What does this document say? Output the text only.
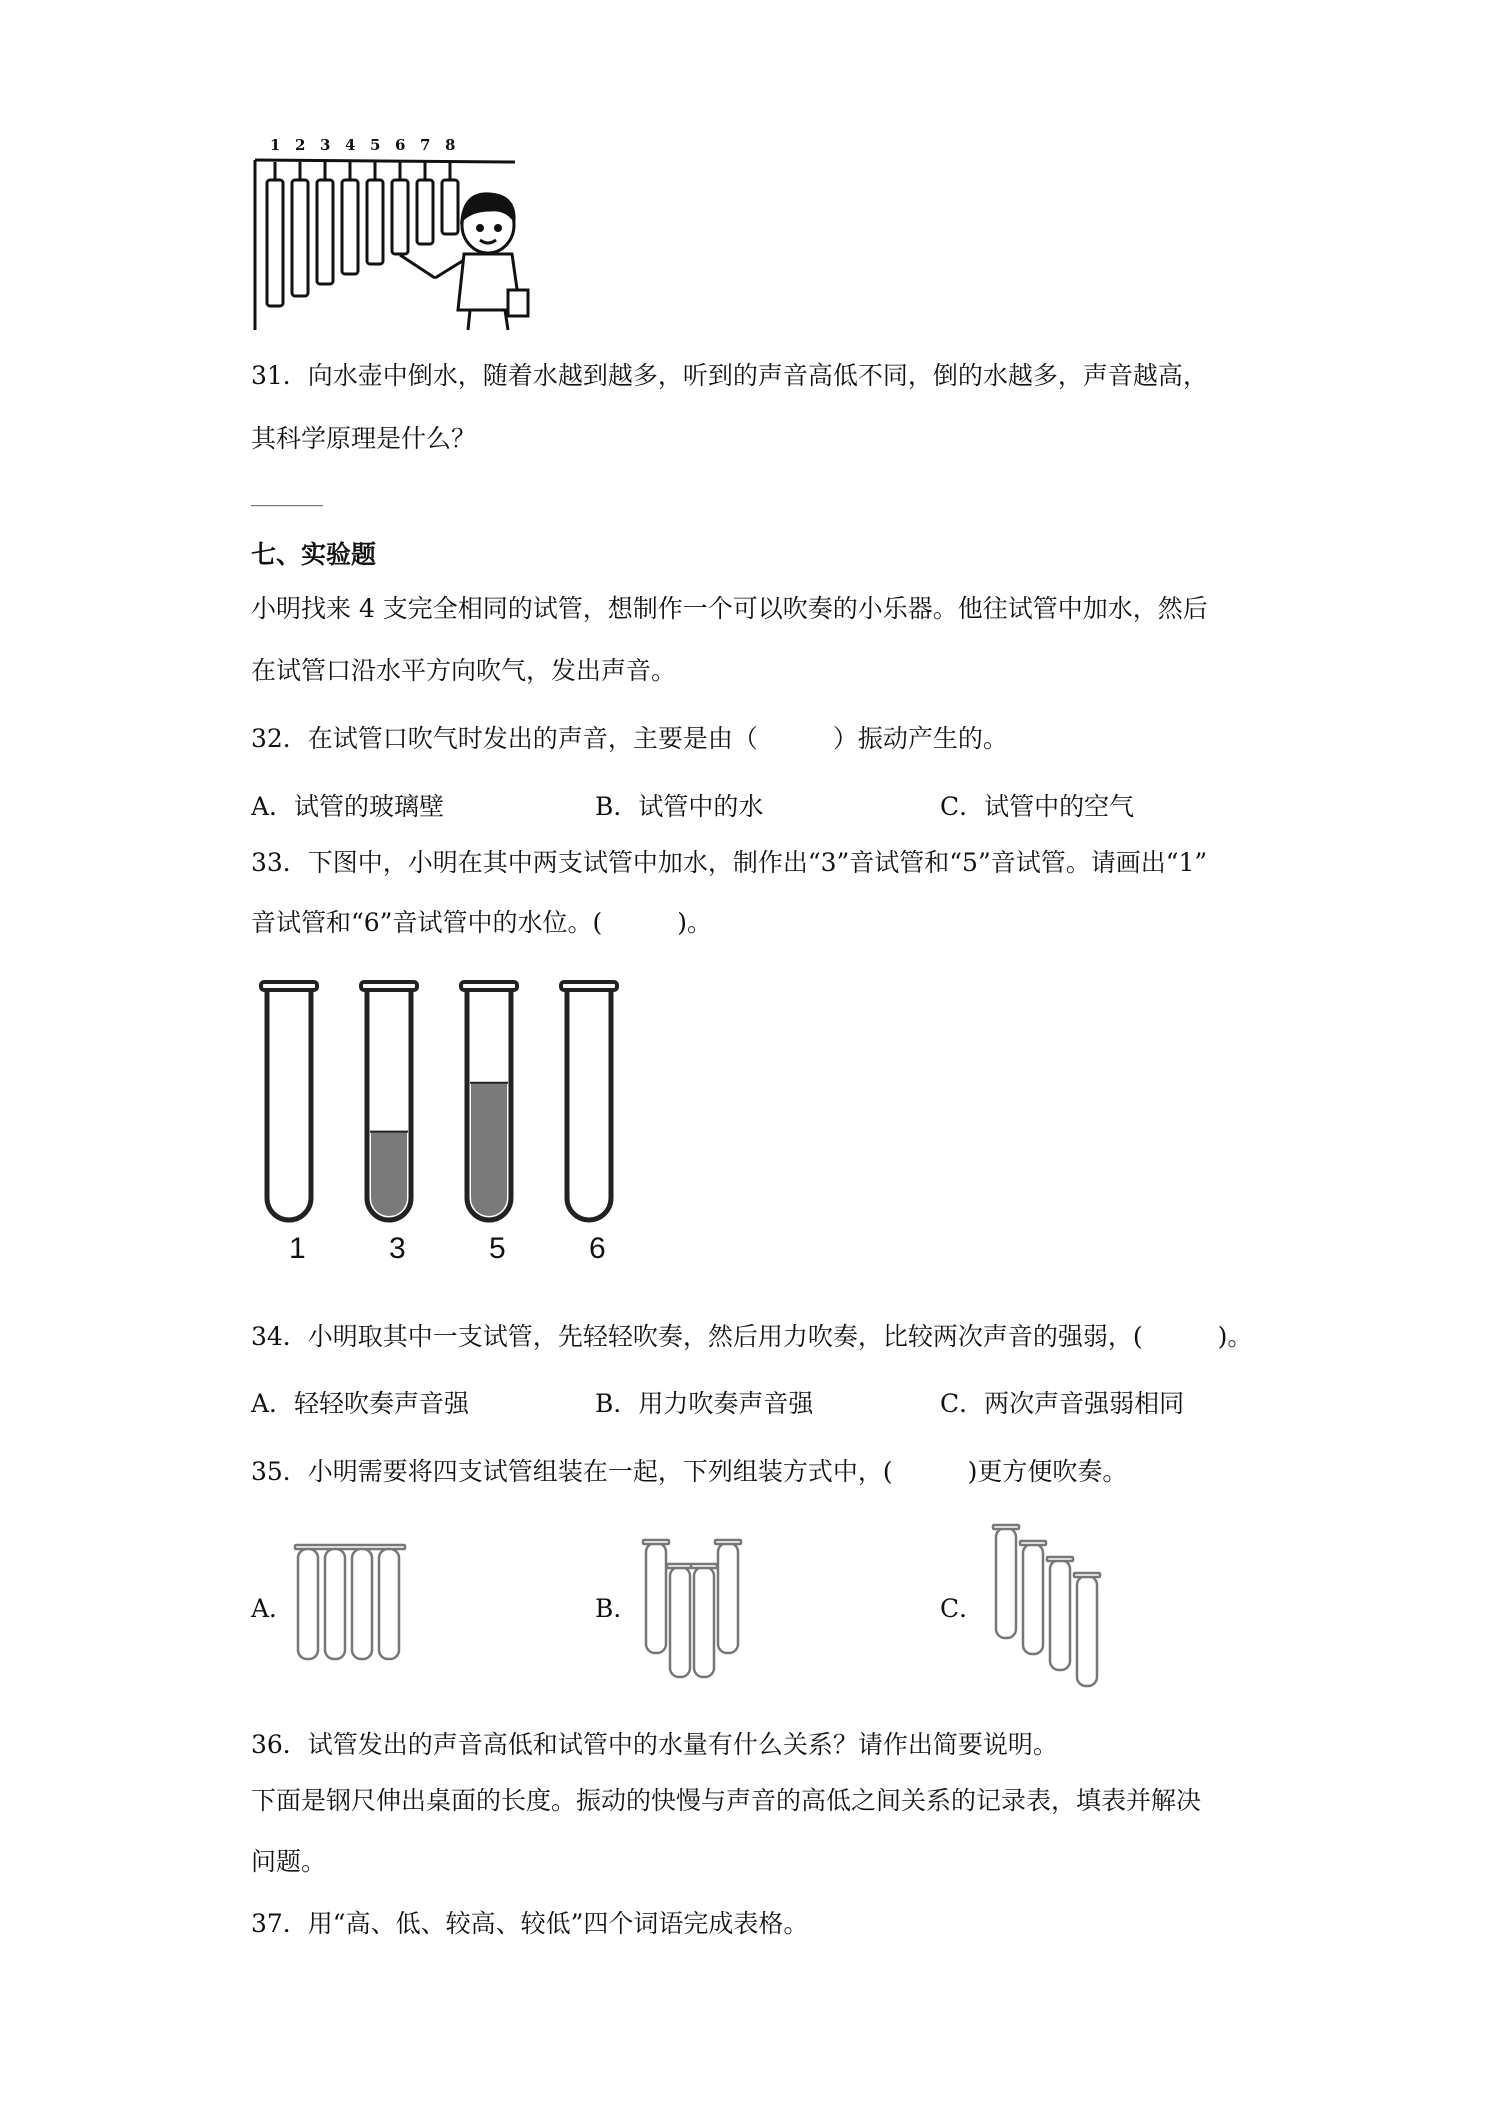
1 2 3 4 5 6 7 8
31．向水壶中倒水，随着水越到越多，听到的声音高低不同，倒的水越多，声音越高，
其科学原理是什么？
________
七、实验题
小明找来 4 支完全相同的试管，想制作一个可以吹奏的小乐器。他往试管中加水，然后
在试管口沿水平方向吹气，发出声音。
32．在试管口吹气时发出的声音，主要是由（　　　）振动产生的。
A．试管的玻璃壁	B．试管中的水	C．试管中的空气
33．下图中，小明在其中两支试管中加水，制作出“3”音试管和“5”音试管。请画出“1”
音试管和“6”音试管中的水位。(　　　)。
1	3	5	6
34．小明取其中一支试管，先轻轻吹奏，然后用力吹奏，比较两次声音的强弱，(　　　)。
A．轻轻吹奏声音强	B．用力吹奏声音强	C．两次声音强弱相同
35．小明需要将四支试管组装在一起，下列组装方式中，(　　　)更方便吹奏。
A．	B．	C．
36．试管发出的声音高低和试管中的水量有什么关系？请作出简要说明。
下面是钢尺伸出桌面的长度。振动的快慢与声音的高低之间关系的记录表，填表并解决
问题。
37．用“高、低、较高、较低”四个词语完成表格。
